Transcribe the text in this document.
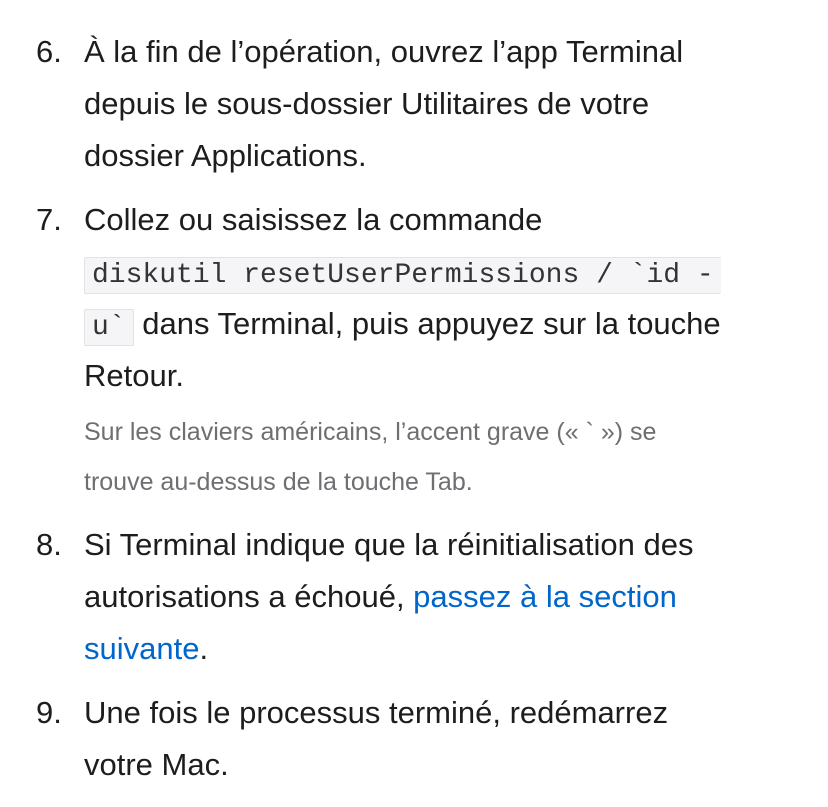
6. À la fin de l’opération, ouvrez l’app Terminal
depuis le sous-dossier Utilitaires de votre
dossier Applications.
7. Collez ou saisissez la commande
diskutil resetUserPermissions / `id -
u` dans Terminal, puis appuyez sur la touche
Retour.
Sur les claviers américains, l’accent grave (« ` ») se
trouve au-dessus de la touche Tab.
8. Si Terminal indique que la réinitialisation des
autorisations a échoué, passez à la section
suivante.
9. Une fois le processus terminé, redémarrez
votre Mac.
